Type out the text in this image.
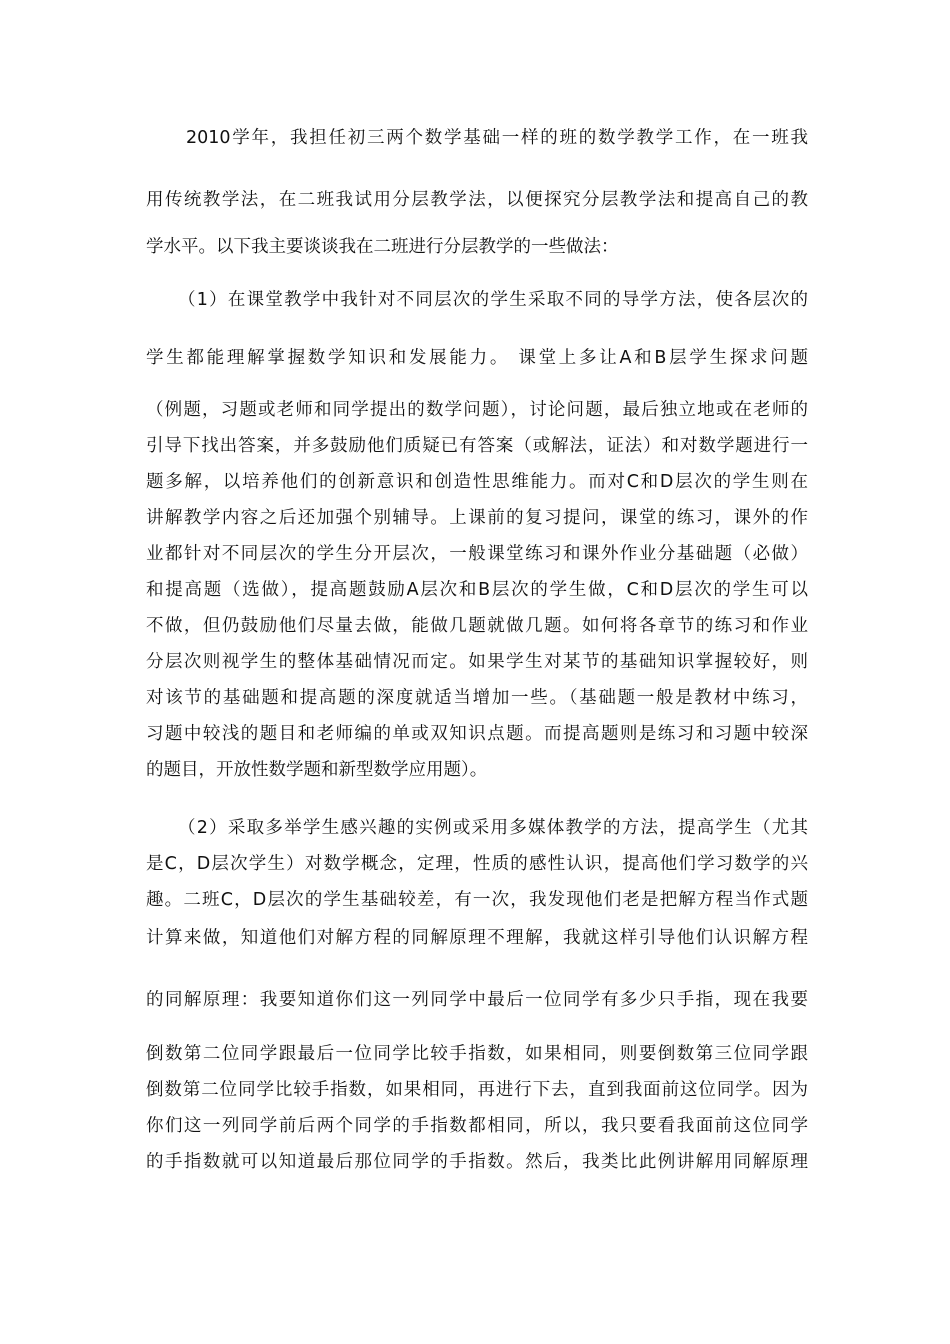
2010学年，我担任初三两个数学基础一样的班的数学教学工作，在一班我
用传统教学法，在二班我试用分层教学法，以便探究分层教学法和提高自己的教
学水平。以下我主要谈谈我在二班进行分层教学的一些做法：
（1）在课堂教学中我针对不同层次的学生采取不同的导学方法，使各层次的
学生都能理解掌握数学知识和发展能力。 课堂上多让A和B层学生探求问题
（例题，习题或老师和同学提出的数学问题），讨论问题，最后独立地或在老师的
引导下找出答案，并多鼓励他们质疑已有答案（或解法，证法）和对数学题进行一
题多解，以培养他们的创新意识和创造性思维能力。而对C和D层次的学生则在
讲解教学内容之后还加强个别辅导。上课前的复习提问，课堂的练习，课外的作
业都针对不同层次的学生分开层次，一般课堂练习和课外作业分基础题（必做）
和提高题（选做），提高题鼓励A层次和B层次的学生做，C和D层次的学生可以
不做，但仍鼓励他们尽量去做，能做几题就做几题。如何将各章节的练习和作业
分层次则视学生的整体基础情况而定。如果学生对某节的基础知识掌握较好，则
对该节的基础题和提高题的深度就适当增加一些。（基础题一般是教材中练习，
习题中较浅的题目和老师编的单或双知识点题。而提高题则是练习和习题中较深
的题目，开放性数学题和新型数学应用题）。
（2）采取多举学生感兴趣的实例或采用多媒体教学的方法，提高学生（尤其
是C，D层次学生）对数学概念，定理，性质的感性认识，提高他们学习数学的兴
趣。二班C，D层次的学生基础较差，有一次，我发现他们老是把解方程当作式题
计算来做，知道他们对解方程的同解原理不理解，我就这样引导他们认识解方程
的同解原理：我要知道你们这一列同学中最后一位同学有多少只手指，现在我要
倒数第二位同学跟最后一位同学比较手指数，如果相同，则要倒数第三位同学跟
倒数第二位同学比较手指数，如果相同，再进行下去，直到我面前这位同学。因为
你们这一列同学前后两个同学的手指数都相同，所以，我只要看我面前这位同学
的手指数就可以知道最后那位同学的手指数。然后，我类比此例讲解用同解原理
